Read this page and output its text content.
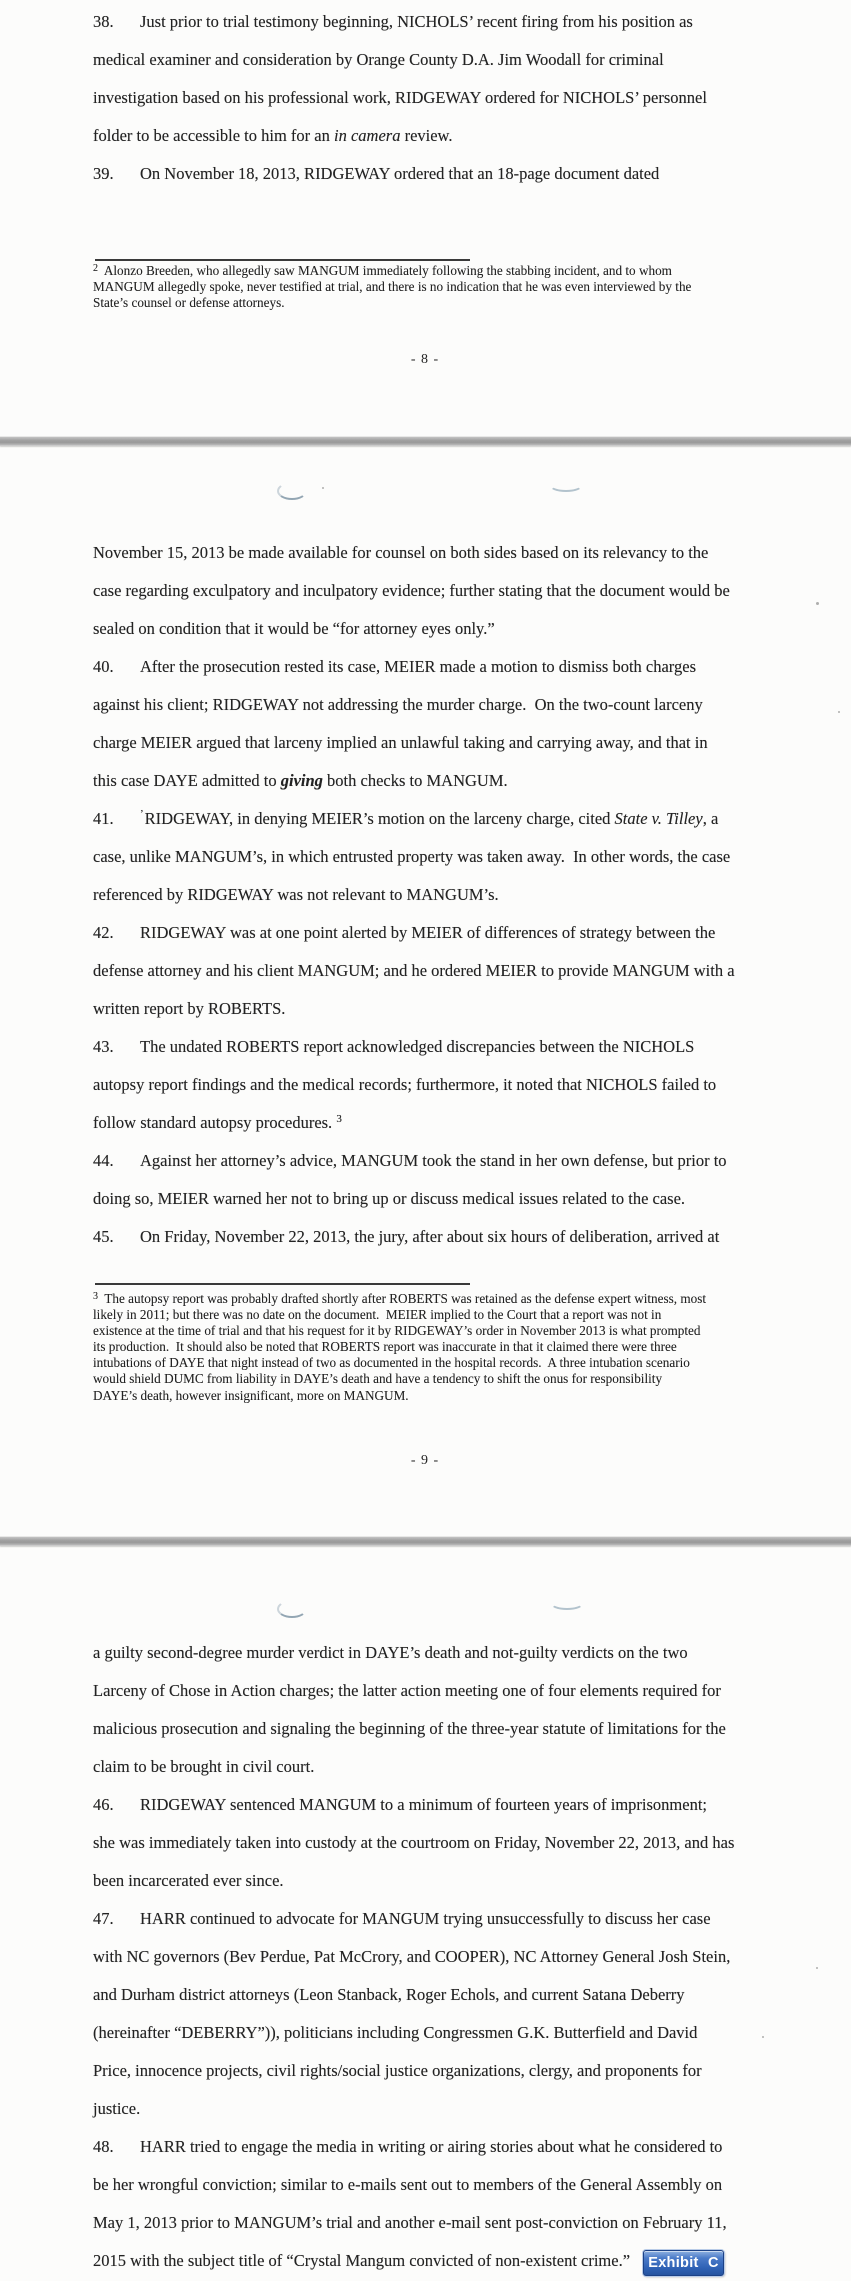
38. Just prior to trial testimony beginning, NICHOLS’ recent firing from his position as
medical examiner and consideration by Orange County D.A. Jim Woodall for criminal
investigation based on his professional work, RIDGEWAY ordered for NICHOLS’ personnel
folder to be accessible to him for an in camera review.
39. On November 18, 2013, RIDGEWAY ordered that an 18-page document dated
$^2$  Alonzo Breeden, who allegedly saw MANGUM immediately following the stabbing incident, and to whom
MANGUM allegedly spoke, never testified at trial, and there is no indication that he was even interviewed by the
State’s counsel or defense attorneys.
- 8 -
November 15, 2013 be made available for counsel on both sides based on its relevancy to the
case regarding exculpatory and inculpatory evidence; further stating that the document would be
sealed on condition that it would be “for attorney eyes only.”
40. After the prosecution rested its case, MEIER made a motion to dismiss both charges
against his client; RIDGEWAY not addressing the murder charge.  On the two-count larceny
charge MEIER argued that larceny implied an unlawful taking and carrying away, and that in
this case DAYE admitted to giving both checks to MANGUM.
41. $^ʼ$RIDGEWAY, in denying MEIER’s motion on the larceny charge, cited State v. Tilley, a
case, unlike MANGUM’s, in which entrusted property was taken away.  In other words, the case
referenced by RIDGEWAY was not relevant to MANGUM’s.
42. RIDGEWAY was at one point alerted by MEIER of differences of strategy between the
defense attorney and his client MANGUM; and he ordered MEIER to provide MANGUM with a
written report by ROBERTS.
43. The undated ROBERTS report acknowledged discrepancies between the NICHOLS
autopsy report findings and the medical records; furthermore, it noted that NICHOLS failed to
follow standard autopsy procedures. $^3$
44. Against her attorney’s advice, MANGUM took the stand in her own defense, but prior to
doing so, MEIER warned her not to bring up or discuss medical issues related to the case.
45. On Friday, November 22, 2013, the jury, after about six hours of deliberation, arrived at
$^3$  The autopsy report was probably drafted shortly after ROBERTS was retained as the defense expert witness, most
likely in 2011; but there was no date on the document.  MEIER implied to the Court that a report was not in
existence at the time of trial and that his request for it by RIDGEWAY’s order in November 2013 is what prompted
its production.  It should also be noted that ROBERTS report was inaccurate in that it claimed there were three
intubations of DAYE that night instead of two as documented in the hospital records.  A three intubation scenario
would shield DUMC from liability in DAYE’s death and have a tendency to shift the onus for responsibility
DAYE’s death, however insignificant, more on MANGUM.
- 9 -
a guilty second-degree murder verdict in DAYE’s death and not-guilty verdicts on the two
Larceny of Chose in Action charges; the latter action meeting one of four elements required for
malicious prosecution and signaling the beginning of the three-year statute of limitations for the
claim to be brought in civil court.
46. RIDGEWAY sentenced MANGUM to a minimum of fourteen years of imprisonment;
she was immediately taken into custody at the courtroom on Friday, November 22, 2013, and has
been incarcerated ever since.
47. HARR continued to advocate for MANGUM trying unsuccessfully to discuss her case
with NC governors (Bev Perdue, Pat McCrory, and COOPER), NC Attorney General Josh Stein,
and Durham district attorneys (Leon Stanback, Roger Echols, and current Satana Deberry
(hereinafter “DEBERRY”)), politicians including Congressmen G.K. Butterfield and David
Price, innocence projects, civil rights/social justice organizations, clergy, and proponents for
justice.
48. HARR tried to engage the media in writing or airing stories about what he considered to
be her wrongful conviction; similar to e-mails sent out to members of the General Assembly on
May 1, 2013 prior to MANGUM’s trial and another e-mail sent post-conviction on February 11,
2015 with the subject title of “Crystal Mangum convicted of non-existent crime.”	Exhibit C
